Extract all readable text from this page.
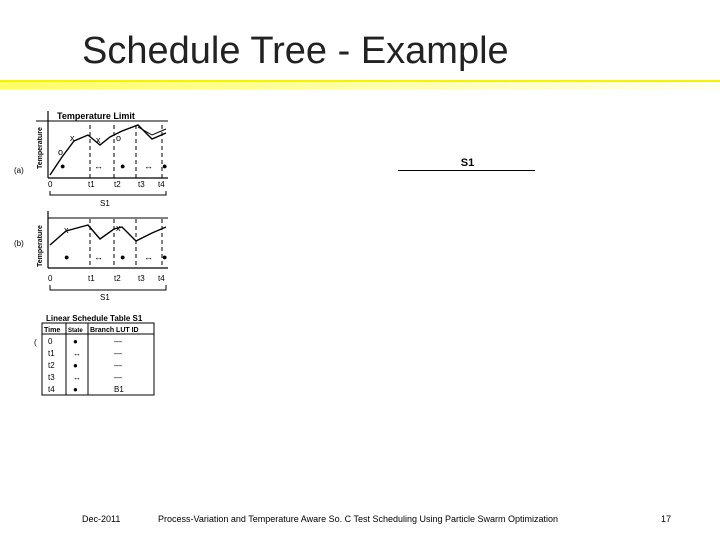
Schedule Tree - Example
Temperature Limit
Temperature
(a)
o
x x o
●	↔ ● ↔ ●
0	t1 t2 t3 t4
S1
Temperature
(b)
x	x
●	↔ ● ↔ ●
0	t1 t2 t3 t4
S1
Linear Schedule Table S1
(
Time State Branch LUT ID
0	●	—
t1 ↔	—
t2 ●	—
t3 ↔	—
t4 ●	B1
S1
Dec-2011	Process-Variation and Temperature Aware So. C Test Scheduling Using Particle Swarm Optimization	17
